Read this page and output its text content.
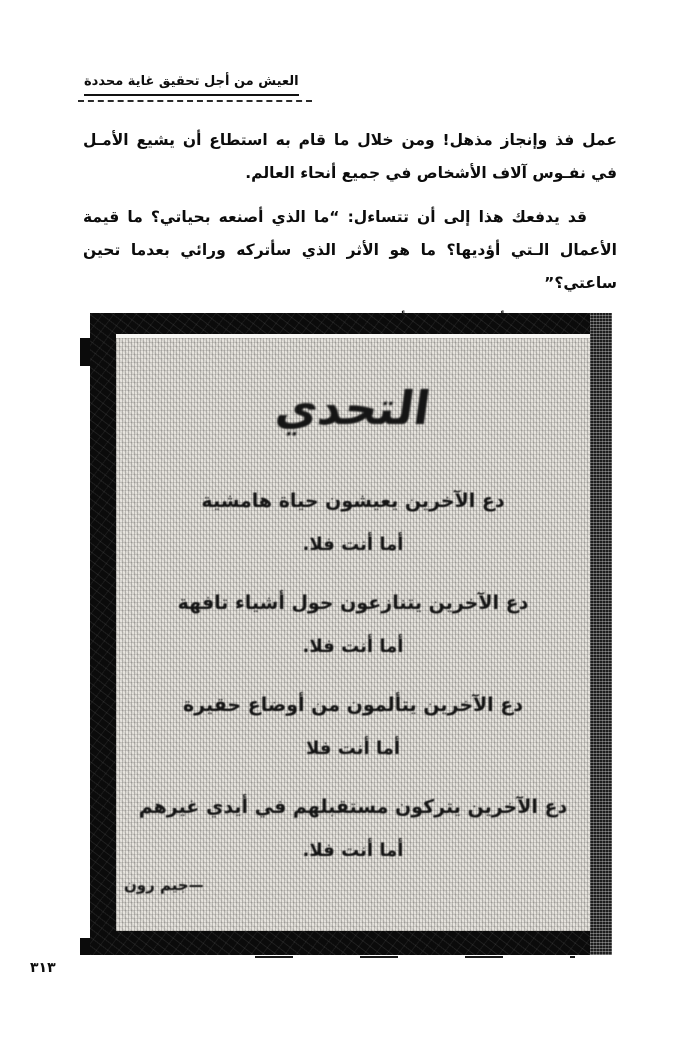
العيش من أجل تحقيق غاية محددة

عمل فذ وإنجاز مذهل! ومن خلال ما قام به استطاع أن يشيع الأمـل في نفـوس آلاف الأشخاص في جميع أنحاء العالم.

قد يدفعك هذا إلى أن تتساءل: “ما الذي أصنعه بحياتي؟ ما قيمة الأعمال الـتي أؤديها؟ ما هو الأثر الذي سأتركه ورائي بعدما تحين ساعتي؟”

التحدي

دع الآخرين يعيشون حياة هامشية

أما أنت فلا.

دع الآخرين يتنازعون حول أشياء تافهة

أما أنت فلا.

دع الآخرين يتألمون من أوضاع حقيرة

أما أنت فلا

دع الآخرين يتركون مستقبلهم في أيدي غيرهم

أما أنت فلا.

—جيم رون

٣١٣
